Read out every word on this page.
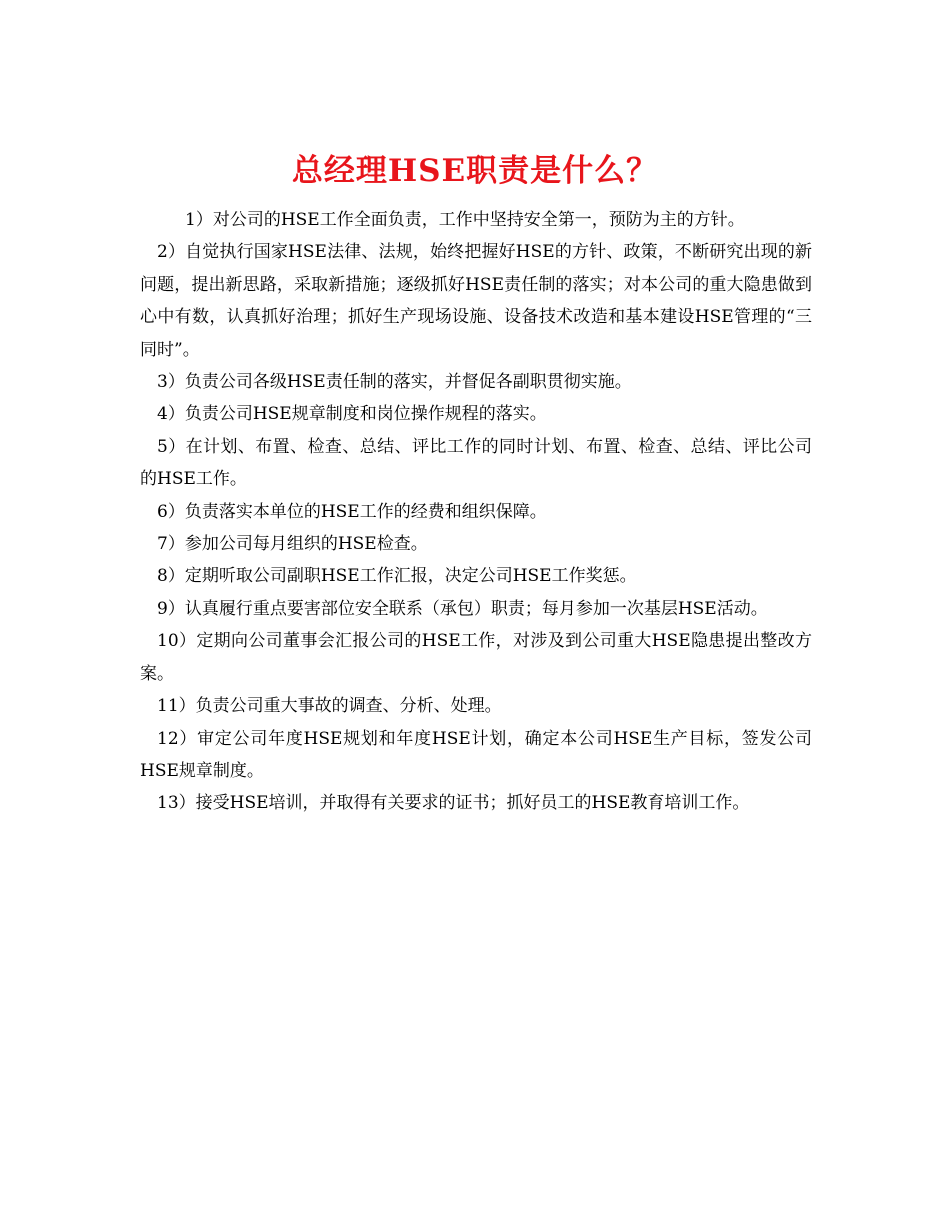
总经理HSE职责是什么？

1）对公司的HSE工作全面负责，工作中坚持安全第一，预防为主的方针。

2）自觉执行国家HSE法律、法规，始终把握好HSE的方针、政策，不断研究出现的新问题，提出新思路，采取新措施；逐级抓好HSE责任制的落实；对本公司的重大隐患做到心中有数，认真抓好治理；抓好生产现场设施、设备技术改造和基本建设HSE管理的“三同时”。

3）负责公司各级HSE责任制的落实，并督促各副职贯彻实施。

4）负责公司HSE规章制度和岗位操作规程的落实。

5）在计划、布置、检查、总结、评比工作的同时计划、布置、检查、总结、评比公司的HSE工作。

6）负责落实本单位的HSE工作的经费和组织保障。

7）参加公司每月组织的HSE检查。

8）定期听取公司副职HSE工作汇报，决定公司HSE工作奖惩。

9）认真履行重点要害部位安全联系（承包）职责；每月参加一次基层HSE活动。

10）定期向公司董事会汇报公司的HSE工作，对涉及到公司重大HSE隐患提出整改方案。

11）负责公司重大事故的调查、分析、处理。

12）审定公司年度HSE规划和年度HSE计划，确定本公司HSE生产目标，签发公司HSE规章制度。

13）接受HSE培训，并取得有关要求的证书；抓好员工的HSE教育培训工作。
